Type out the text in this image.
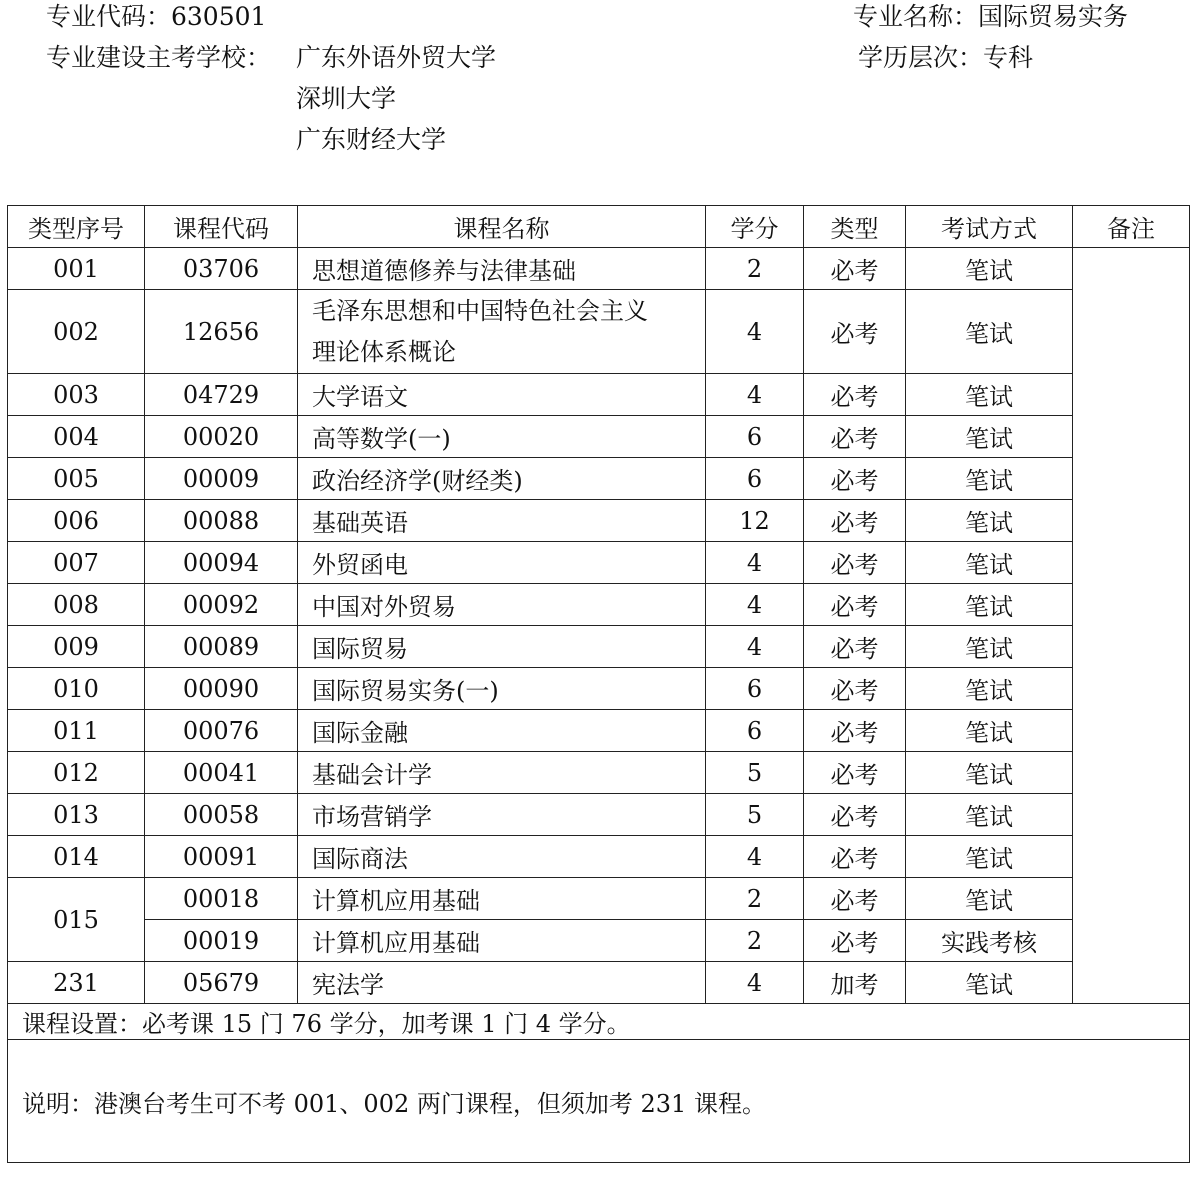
专业代码：630501	专业名称：国际贸易实务
专业建设主考学校： 广东外语外贸大学	学历层次：专科
深圳大学
广东财经大学
类型序号	课程代码	课程名称	学分	类型	考试方式	备注
001	03706	思想道德修养与法律基础	2	必考	笔试	
002	12656	毛泽东思想和中国特色社会主义
理论体系概论	4	必考	笔试	
003	04729	大学语文	4	必考	笔试	
004	00020	高等数学(一)	6	必考	笔试	
005	00009	政治经济学(财经类)	6	必考	笔试	
006	00088	基础英语	12	必考	笔试	
007	00094	外贸函电	4	必考	笔试	
008	00092	中国对外贸易	4	必考	笔试	
009	00089	国际贸易	4	必考	笔试	
010	00090	国际贸易实务(一)	6	必考	笔试	
011	00076	国际金融	6	必考	笔试	
012	00041	基础会计学	5	必考	笔试	
013	00058	市场营销学	5	必考	笔试	
014	00091	国际商法	4	必考	笔试	
015	00018	计算机应用基础	2	必考	笔试	
	00019	计算机应用基础	2	必考	实践考核	
231	05679	宪法学	4	加考	笔试	
课程设置：必考课 15 门 76 学分，加考课 1 门 4 学分。						
说明：港澳台考生可不考 001、002 两门课程，但须加考 231 课程。						
